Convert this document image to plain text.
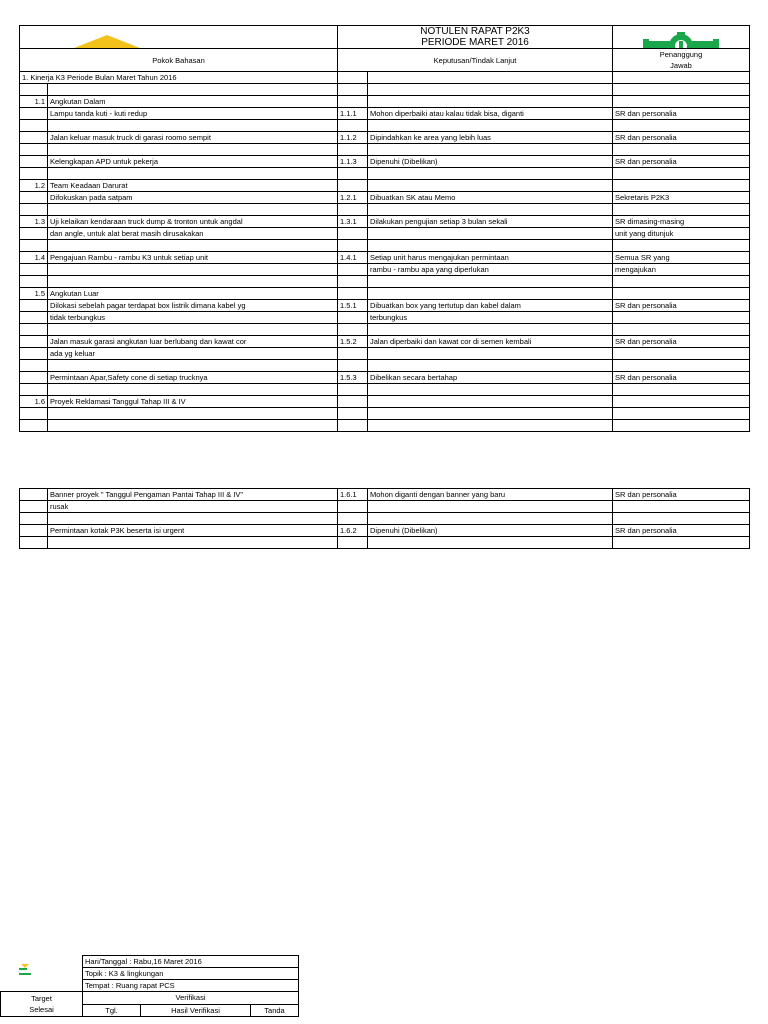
PCS		NOTULEN RAPAT P2K3
PERIODE MARET 2016

Pokok Bahasan		Keputusan/Tindak Lanjut		Penanggung
Jawab

1. Kinerja K3 Periode Bulan Maret Tahun 2016				

1.1	Angkutan Dalam			
	Lampu tanda kuti - kuti redup	1.1.1	Mohon diperbaiki atau kalau tidak bisa, diganti	SR dan personalia

	Jalan keluar masuk truck di garasi roomo sempit	1.1.2	Dipindahkan ke area yang lebih luas	SR dan personalia

	Kelengkapan APD untuk pekerja	1.1.3	Dipenuhi (Dibelikan)	SR dan personalia

1.2	Team Keadaan Darurat			
	Difokuskan pada satpam	1.2.1	Dibuatkan SK atau Memo	Sekretaris P2K3

1.3	Uji kelaikan kendaraan truck dump & tronton untuk angdal	1.3.1	Dilakukan pengujian setiap 3 bulan sekali	SR dimasing-masing
	dan angle, untuk alat berat masih dirusakakan			unit yang ditunjuk

1.4	Pengajuan Rambu - rambu K3 untuk setiap unit	1.4.1	Setiap unit harus mengajukan permintaan	Semua SR yang
			rambu - rambu apa yang diperlukan	mengajukan

1.5	Angkutan Luar			
	Dilokasi sebelah pagar terdapat box listrik dimana kabel yg	1.5.1	Dibuatkan box yang tertutup dan kabel dalam	SR dan personalia
	tidak terbungkus		terbungkus	

	Jalan masuk garasi angkutan luar berlubang dan kawat cor	1.5.2	Jalan diperbaiki dan kawat cor di semen kembali	SR dan personalia
	ada yg keluar			

	Permintaan Apar,Safety cone di setiap trucknya	1.5.3	Dibelikan secara bertahap	SR dan personalia

1.6	Proyek Reklamasi Tanggul Tahap III & IV			

	Banner proyek " Tanggul Pengaman Pantai Tahap III & IV"	1.6.1	Mohon diganti dengan banner yang baru	SR dan personalia
	rusak			

	Permintaan kotak P3K beserta isi urgent	1.6.2	Dipenuhi (Dibelikan)	SR dan personalia

	Hari/Tanggal : Rabu,16 Maret 2016		
	Topik : K3 & lingkungan		
	Tempat : Ruang rapat PCS		

Target
Selesai	Verifikasi		
	Tgl.	Hasil Verifikasi	Tanda
